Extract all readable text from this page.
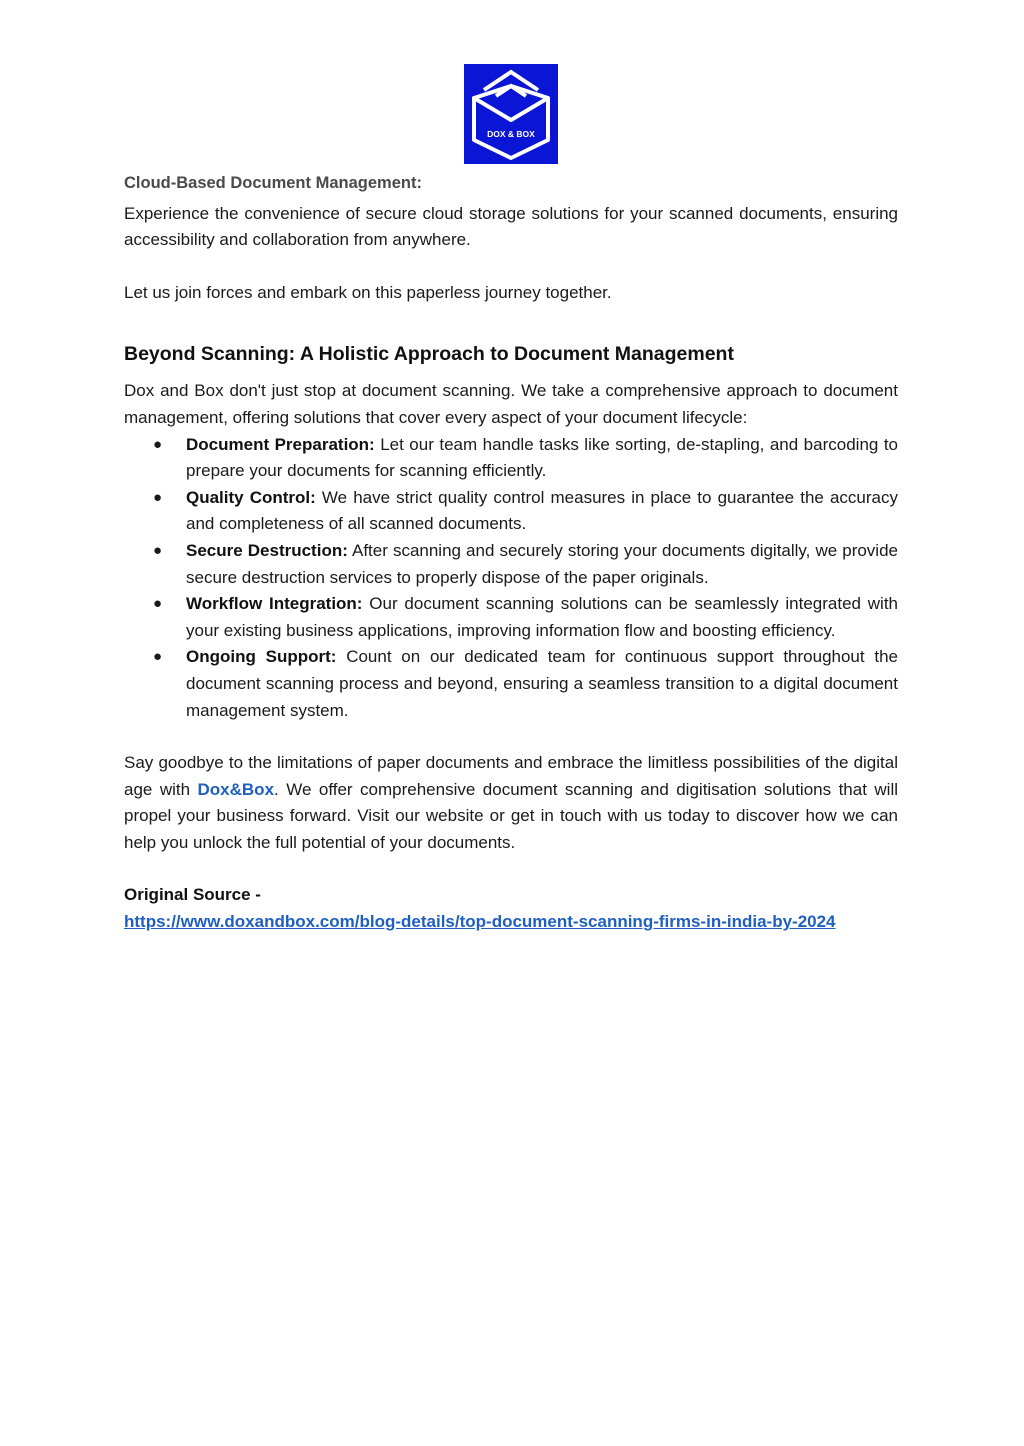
DOX & BOX

Cloud-Based Document Management:

Experience the convenience of secure cloud storage solutions for your scanned documents, ensuring accessibility and collaboration from anywhere.

Let us join forces and embark on this paperless journey together.

Beyond Scanning: A Holistic Approach to Document Management

Dox and Box don't just stop at document scanning. We take a comprehensive approach to document management, offering solutions that cover every aspect of your document lifecycle:

● Document Preparation: Let our team handle tasks like sorting, de-stapling, and barcoding to prepare your documents for scanning efficiently.
● Quality Control: We have strict quality control measures in place to guarantee the accuracy and completeness of all scanned documents.
● Secure Destruction: After scanning and securely storing your documents digitally, we provide secure destruction services to properly dispose of the paper originals.
● Workflow Integration: Our document scanning solutions can be seamlessly integrated with your existing business applications, improving information flow and boosting efficiency.
● Ongoing Support: Count on our dedicated team for continuous support throughout the document scanning process and beyond, ensuring a seamless transition to a digital document management system.

Say goodbye to the limitations of paper documents and embrace the limitless possibilities of the digital age with Dox&Box. We offer comprehensive document scanning and digitisation solutions that will propel your business forward. Visit our website or get in touch with us today to discover how we can help you unlock the full potential of your documents.

Original Source -

https://www.doxandbox.com/blog-details/top-document-scanning-firms-in-india-by-2024
